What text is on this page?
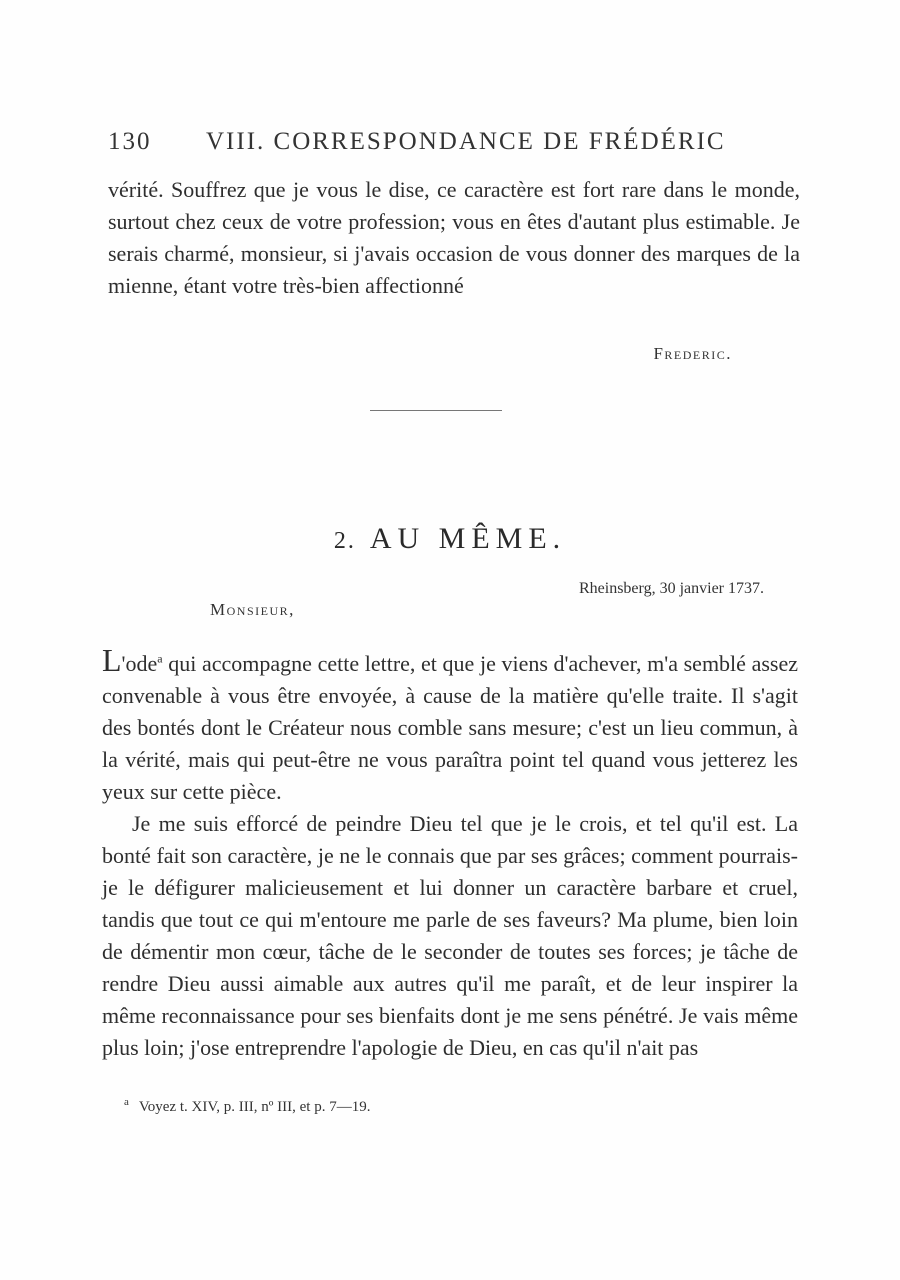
130 VIII. CORRESPONDANCE DE FRÉDÉRIC
vérité. Souffrez que je vous le dise, ce caractère est fort rare dans le monde, surtout chez ceux de votre profession; vous en êtes d'autant plus estimable. Je serais charmé, monsieur, si j'avais occasion de vous donner des marques de la mienne, étant votre très-bien affectionné
Frederic.
2. AU MÊME.
Rheinsberg, 30 janvier 1737.
Monsieur,

L'ode$^a$ qui accompagne cette lettre, et que je viens d'achever, m'a semblé assez convenable à vous être envoyée, à cause de la matière qu'elle traite. Il s'agit des bontés dont le Créateur nous comble sans mesure; c'est un lieu commun, à la vérité, mais qui peut-être ne vous paraîtra point tel quand vous jetterez les yeux sur cette pièce.

Je me suis efforcé de peindre Dieu tel que je le crois, et tel qu'il est. La bonté fait son caractère, je ne le connais que par ses grâces; comment pourrais-je le défigurer malicieusement et lui donner un caractère barbare et cruel, tandis que tout ce qui m'entoure me parle de ses faveurs? Ma plume, bien loin de démentir mon cœur, tâche de le seconder de toutes ses forces; je tâche de rendre Dieu aussi aimable aux autres qu'il me paraît, et de leur inspirer la même reconnaissance pour ses bienfaits dont je me sens pénétré. Je vais même plus loin; j'ose entreprendre l'apologie de Dieu, en cas qu'il n'ait pas

$^a$ Voyez t. XIV, p. III, nº III, et p. 7—19.
